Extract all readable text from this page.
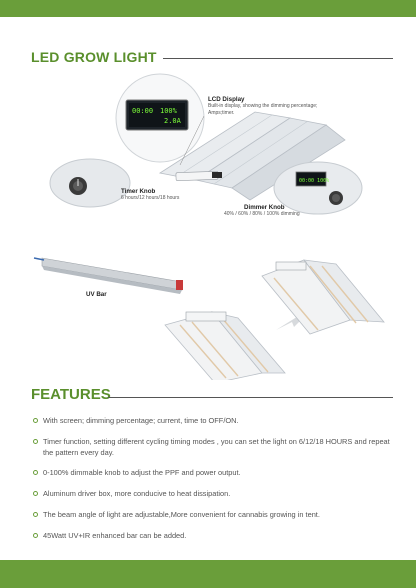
LED GROW LIGHT
00:00 100%
2.0A
00:00 100%
LCD Display
Built-in display, showing the dimming percentage; Amps;timer.
Timer Knob
6 hours/12 hours/18 hours
Dimmer Knob
40% / 60% / 80% / 100% dimming
UV Bar
FEATURES
With screen; dimming percentage; current, time to OFF/ON.
Timer function, setting different cycling timing modes , you can set the light on 6/12/18 HOURS and repeat the pattern every day.
0-100% dimmable knob to adjust the PPF and power output.
Aluminum driver box, more conducive to heat dissipation.
The beam angle of light are adjustable,More convenient for cannabis growing in tent.
45Watt UV+IR enhanced bar can be added.
